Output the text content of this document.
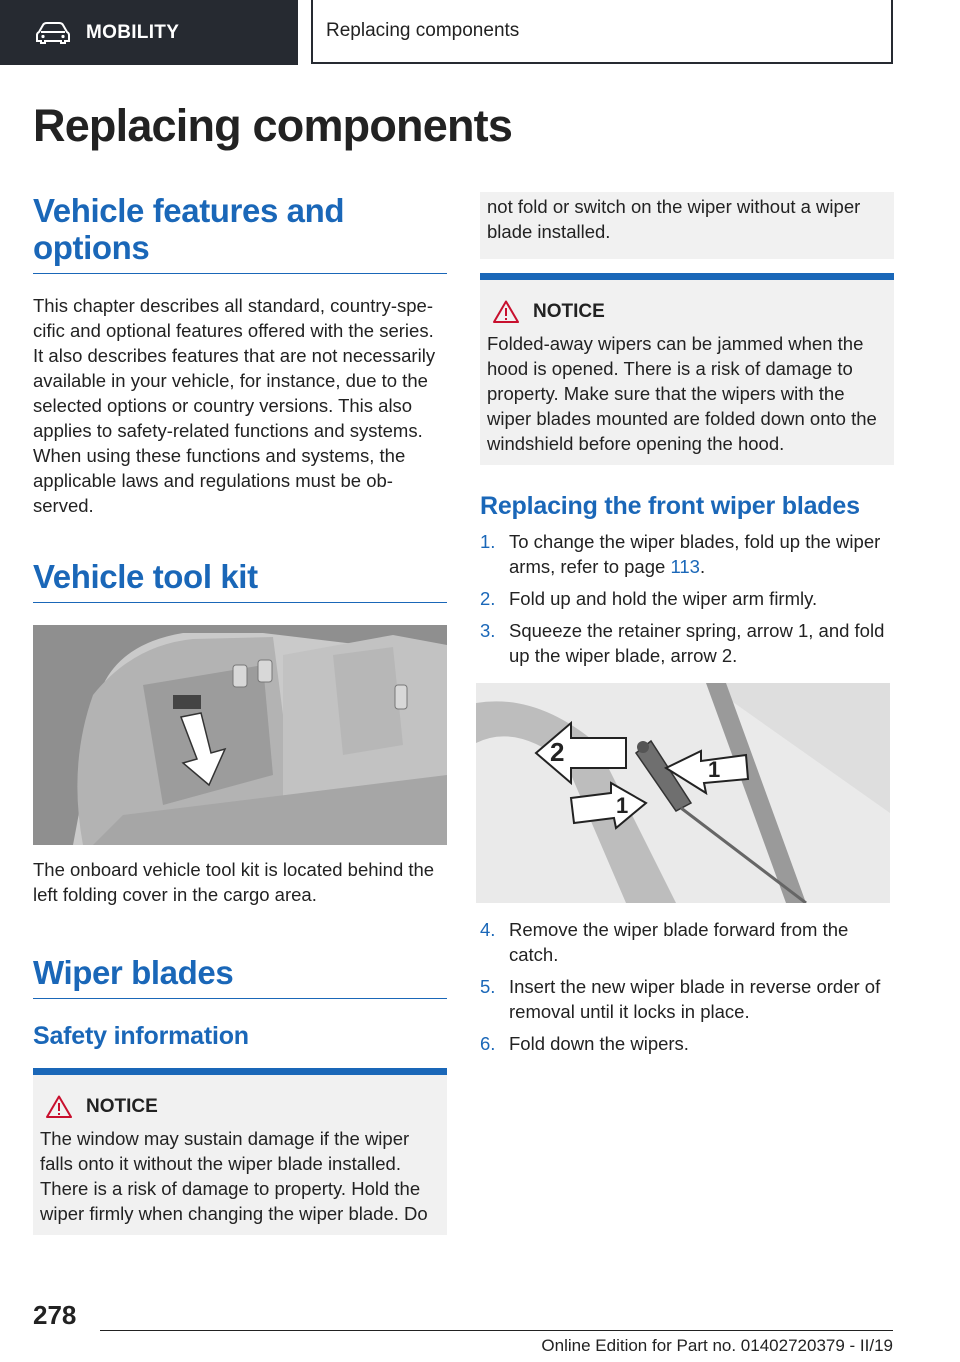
MOBILITY	Replacing components
Replacing components
Vehicle features and options

This chapter describes all standard, country-spe-cific and optional features offered with the series. It also describes features that are not necessarily available in your vehicle, for instance, due to the selected options or country versions. This also applies to safety-related functions and systems. When using these functions and systems, the applicable laws and regulations must be ob-served.

Vehicle tool kit

The onboard vehicle tool kit is located behind the left folding cover in the cargo area.

Wiper blades
Safety information
NOTICE

The window may sustain damage if the wiper falls onto it without the wiper blade installed. There is a risk of damage to property. Hold the wiper firmly when changing the wiper blade. Do

not fold or switch on the wiper without a wiper blade installed.

NOTICE

Folded-away wipers can be jammed when the hood is opened. There is a risk of damage to property. Make sure that the wipers with the wiper blades mounted are folded down onto the windshield before opening the hood.

Replacing the front wiper blades
1. To change the wiper blades, fold up the wiper arms, refer to page 113.
2. Fold up and hold the wiper arm firmly.
3. Squeeze the retainer spring, arrow 1, and fold up the wiper blade, arrow 2.
2
1
1
4. Remove the wiper blade forward from the catch.
5. Insert the new wiper blade in reverse order of removal until it locks in place.
6. Fold down the wipers.
278
Online Edition for Part no. 01402720379 - II/19
